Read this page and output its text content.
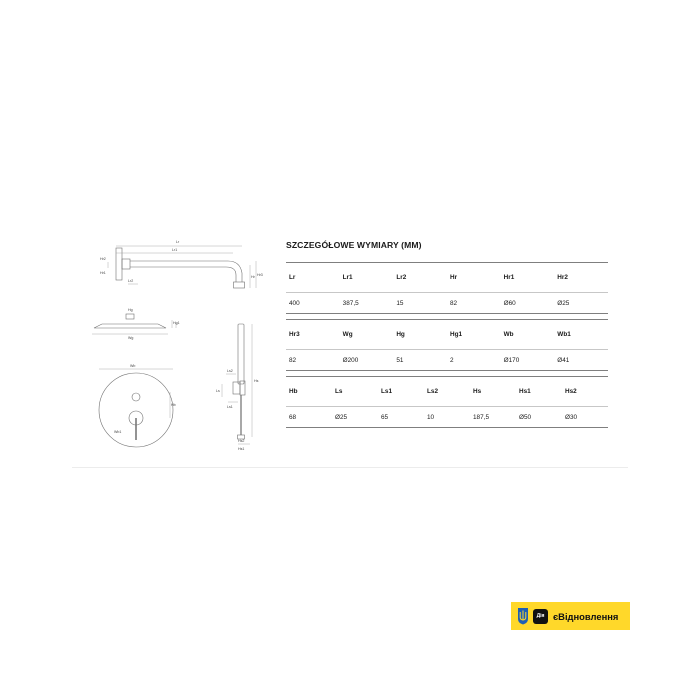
Lr
Lr1
Lr2
Hr2
Hr1
Hr Hr3
Hg
Hg1
Wg
Wb
Hb
Wb1
Hs
Ls
Ls2
Ls1
Hs2
Hs1
SZCZEGÓŁOWE WYMIARY (MM)
Lr	Lr1	Lr2	Hr	Hr1	Hr2
400	387,5	15	82	Ø60	Ø25
Hr3	Wg	Hg	Hg1	Wb	Wb1
82	Ø200	51	2	Ø170	Ø41
Hb	Ls	Ls1	Ls2	Hs	Hs1	Hs2
68	Ø25	65	10	187,5	Ø50	Ø30
Дія єВідновлення
